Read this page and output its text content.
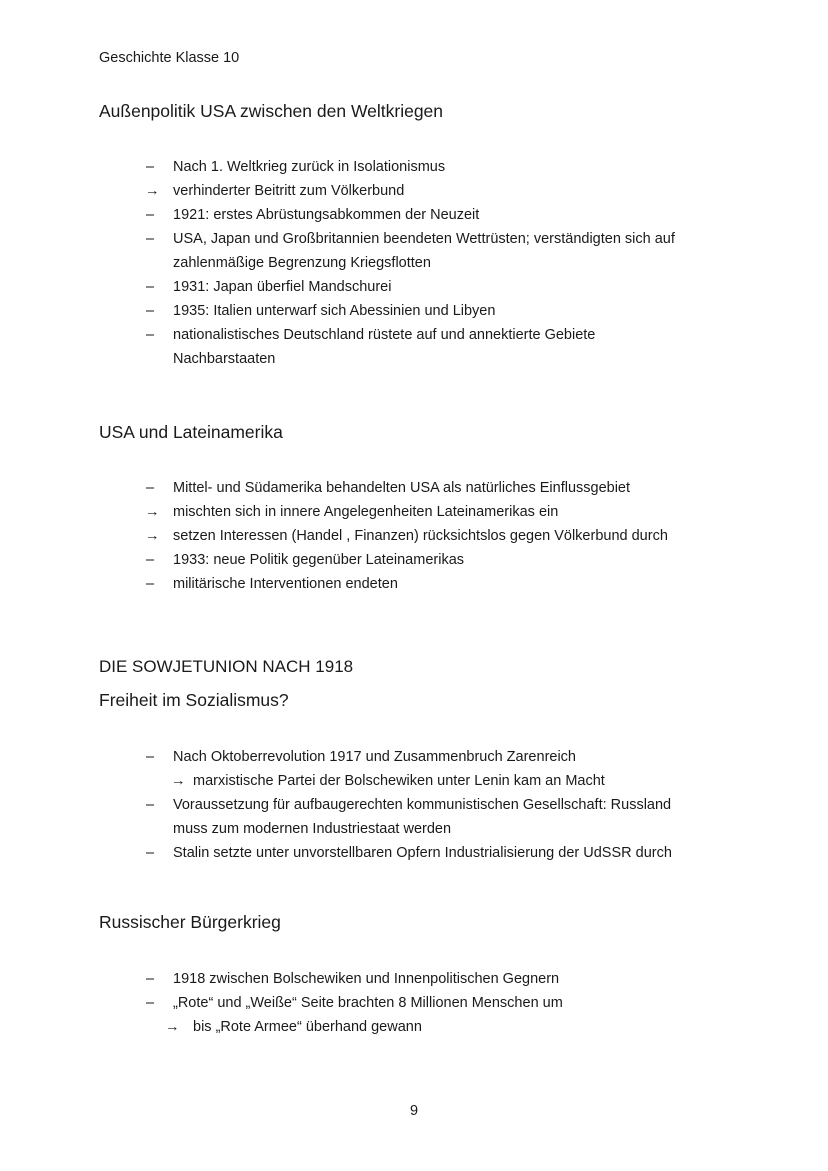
Geschichte Klasse 10
Außenpolitik USA zwischen den Weltkriegen
–	Nach 1. Weltkrieg zurück in Isolationismus
→ verhinderter Beitritt zum Völkerbund
–	1921: erstes Abrüstungsabkommen der Neuzeit
–	USA, Japan und Großbritannien beendeten Wettrüsten; verständigten sich auf
zahlenmäßige Begrenzung Kriegsflotten
–	1931: Japan überfiel Mandschurei
–	1935: Italien unterwarf sich Abessinien und Libyen
–	nationalistisches Deutschland rüstete auf und annektierte Gebiete
Nachbarstaaten
USA und Lateinamerika
–	Mittel- und Südamerika behandelten USA als natürliches Einflussgebiet
→ mischten sich in innere Angelegenheiten Lateinamerikas ein
→ setzen Interessen (Handel , Finanzen) rücksichtslos gegen Völkerbund durch
–	1933: neue Politik gegenüber Lateinamerikas
–	militärische Interventionen endeten
DIE SOWJETUNION NACH 1918
Freiheit im Sozialismus?
–	Nach Oktoberrevolution 1917 und Zusammenbruch Zarenreich
→ marxistische Partei der Bolschewiken unter Lenin kam an Macht
–	Voraussetzung für aufbaugerechten kommunistischen Gesellschaft: Russland
muss zum modernen Industriestaat werden
–	Stalin setzte unter unvorstellbaren Opfern Industrialisierung der UdSSR durch
Russischer Bürgerkrieg
–	1918 zwischen Bolschewiken und Innenpolitischen Gegnern
–	„Rote“ und „Weiße“ Seite brachten 8 Millionen Menschen um
→ bis „Rote Armee“ überhand gewann
9
